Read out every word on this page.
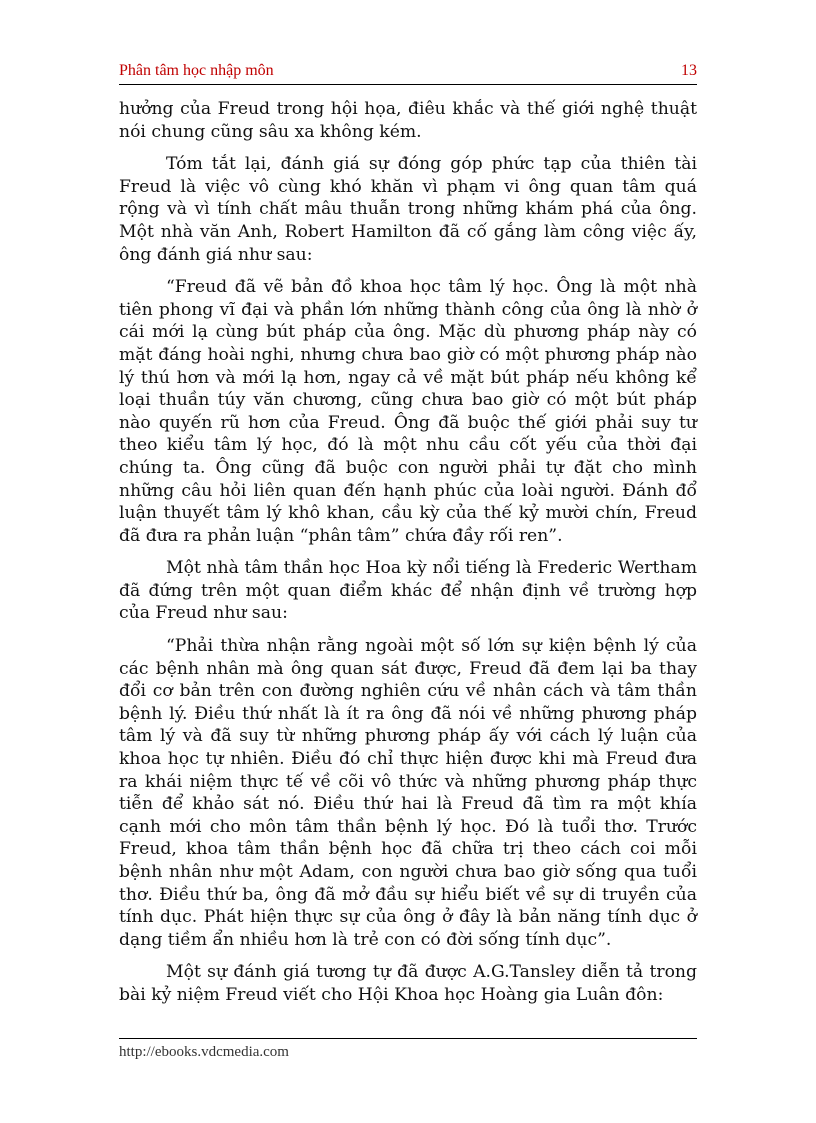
Phân tâm học nhập môn	13

hưởng của Freud trong hội họa, điêu khắc và thế giới nghệ thuật nói chung cũng sâu xa không kém.

Tóm tắt lại, đánh giá sự đóng góp phức tạp của thiên tài Freud là việc vô cùng khó khăn vì phạm vi ông quan tâm quá rộng và vì tính chất mâu thuẫn trong những khám phá của ông. Một nhà văn Anh, Robert Hamilton đã cố gắng làm công việc ấy, ông đánh giá như sau:

“Freud đã vẽ bản đồ khoa học tâm lý học. Ông là một nhà tiên phong vĩ đại và phần lớn những thành công của ông là nhờ ở cái mới lạ cùng bút pháp của ông. Mặc dù phương pháp này có mặt đáng hoài nghi, nhưng chưa bao giờ có một phương pháp nào lý thú hơn và mới lạ hơn, ngay cả về mặt bút pháp nếu không kể loại thuần túy văn chương, cũng chưa bao giờ có một bút pháp nào quyến rũ hơn của Freud. Ông đã buộc thế giới phải suy tư theo kiểu tâm lý học, đó là một nhu cầu cốt yếu của thời đại chúng ta. Ông cũng đã buộc con người phải tự đặt cho mình những câu hỏi liên quan đến hạnh phúc của loài người. Đánh đổ luận thuyết tâm lý khô khan, cầu kỳ của thế kỷ mười chín, Freud đã đưa ra phản luận “phân tâm” chứa đầy rối ren”.

Một nhà tâm thần học Hoa kỳ nổi tiếng là Frederic Wertham đã đứng trên một quan điểm khác để nhận định về trường hợp của Freud như sau:

“Phải thừa nhận rằng ngoài một số lớn sự kiện bệnh lý của các bệnh nhân mà ông quan sát được, Freud đã đem lại ba thay đổi cơ bản trên con đường nghiên cứu về nhân cách và tâm thần bệnh lý. Điều thứ nhất là ít ra ông đã nói về những phương pháp tâm lý và đã suy từ những phương pháp ấy với cách lý luận của khoa học tự nhiên. Điều đó chỉ thực hiện được khi mà Freud đưa ra khái niệm thực tế về cõi vô thức và những phương pháp thực tiễn để khảo sát nó. Điều thứ hai là Freud đã tìm ra một khía cạnh mới cho môn tâm thần bệnh lý học. Đó là tuổi thơ. Trước Freud, khoa tâm thần bệnh học đã chữa trị theo cách coi mỗi bệnh nhân như một Adam, con người chưa bao giờ sống qua tuổi thơ. Điều thứ ba, ông đã mở đầu sự hiểu biết về sự di truyền của tính dục. Phát hiện thực sự của ông ở đây là bản năng tính dục ở dạng tiềm ẩn nhiều hơn là trẻ con có đời sống tính dục”.

Một sự đánh giá tương tự đã được A.G.Tansley diễn tả trong bài kỷ niệm Freud viết cho Hội Khoa học Hoàng gia Luân đôn:

http://ebooks.vdcmedia.com
